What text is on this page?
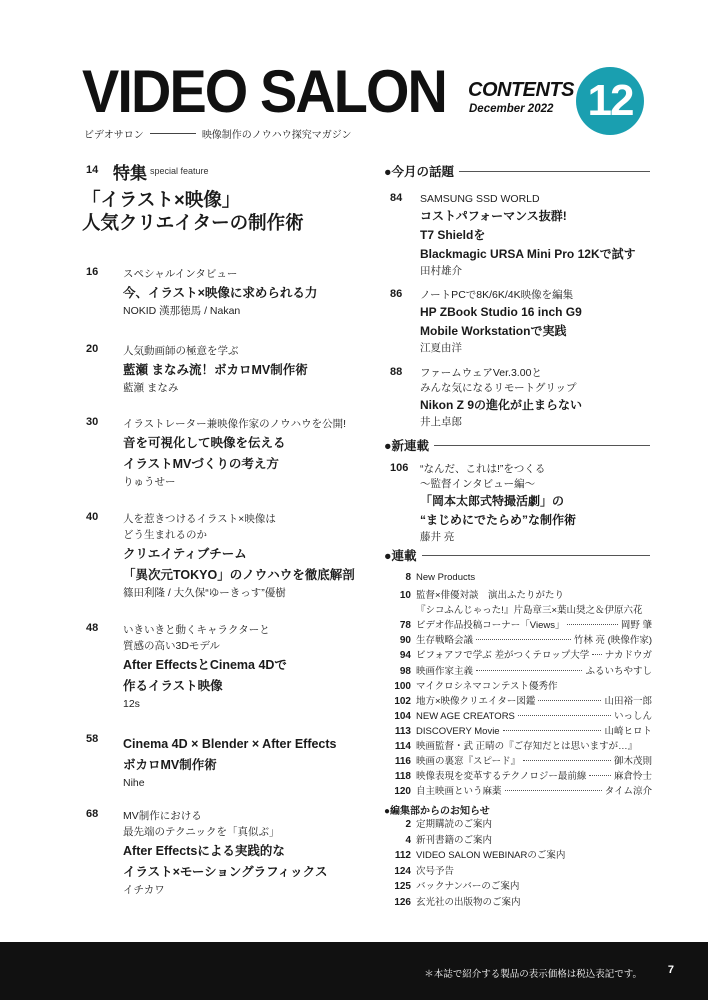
VIDEO SALON
ビデオサロン	映像制作のノウハウ探究マガジン
CONTENTS
December 2022 12
14 特集 special feature
「イラスト×映像」
人気クリエイターの制作術
16 スペシャルインタビュー
今、イラスト×映像に求められる力
NOKID 漢那徳馬 / Nakan
20 人気動画師の極意を学ぶ
藍瀬 まなみ流！ボカロMV制作術
藍瀬 まなみ
30 イラストレーター兼映像作家のノウハウを公開!
音を可視化して映像を伝える
イラストMVづくりの考え方
りゅうせー
40 人を惹きつけるイラスト×映像は
どう生まれるのか
クリエイティブチーム
「異次元TOKYO」のノウハウを徹底解剖
篠田利隆 / 大久保“ゆーきっす”優樹
48 いきいきと動くキャラクターと
質感の高い3Dモデル
After EffectsとCinema 4Dで
作るイラスト映像
12s
58 Cinema 4D × Blender × After Effects
ボカロMV制作術
Nihe
68 MV制作における
最先端のテクニックを「真似ぶ」
After Effectsによる実践的な
イラスト×モーショングラフィックス
イチカワ
●今月の話題
84 SAMSUNG SSD WORLD
コストパフォーマンス抜群!
T7 Shieldを
Blackmagic URSA Mini Pro 12Kで試す
田村雄介
86 ノートPCで8K/6K/4K映像を編集
HP ZBook Studio 16 inch G9
Mobile Workstationで実践
江夏由洋
88 ファームウェアVer.3.00と
みんな気になるリモートグリップ
Nikon Z 9の進化が止まらない
井上卓郎
●新連載
106 “なんだ、これは!”をつくる
〜監督インタビュー編〜
「岡本太郎式特撮活劇」の
“まじめにでたらめ”な制作術
藤井 亮
●連載
8 New Products
10 監督×俳優対談　演出ふたりがたり
『シコふんじゃった!』片島章三×葉山奨之＆伊原六花
78 ビデオ作品投稿コーナー「Views」	岡野 肇
90 生存戦略会議	竹林 亮 (映像作家)
94 ビフォアフで学ぶ 差がつくテロップ大学 ナカドウガ
98 映画作家主義	ふるいちやすし
100 マイクロシネマコンテスト優秀作
102 地方×映像クリエイター図鑑	山田裕一郎
104 NEW AGE CREATORS	いっしん
113 DISCOVERY Movie	山崎ヒロト
114 映画監督・武 正晴の『ご存知だとは思いますが…』
116 映画の裏窓『スピード』	御木茂則
118 映像表現を変革するテクノロジー最前線	麻倉怜士
120 自主映画という麻薬	タイム涼介
●編集部からのお知らせ
2 定期購読のご案内
4 新刊書籍のご案内
112 VIDEO SALON WEBINARのご案内
124 次号予告
125 バックナンバーのご案内
126 玄光社の出版物のご案内
＊本誌で紹介する製品の表示価格は税込表記です。 7
